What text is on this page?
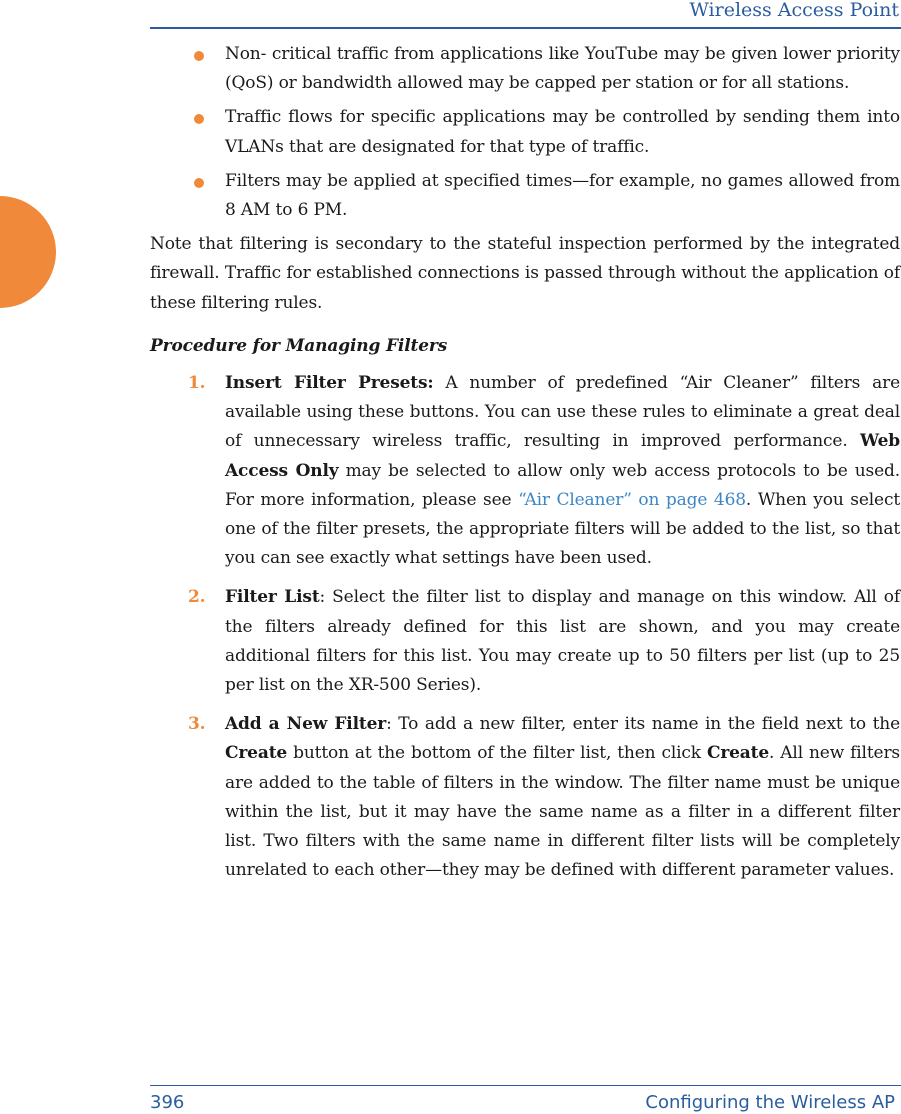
Wireless Access Point
Non- critical traffic from applications like YouTube may be given lower priority (QoS) or bandwidth allowed may be capped per station or for all stations.
Traffic flows for specific applications may be controlled by sending them into VLANs that are designated for that type of traffic.
Filters may be applied at specified times—for example, no games allowed from 8 AM to 6 PM.

Note that filtering is secondary to the stateful inspection performed by the integrated firewall. Traffic for established connections is passed through without the application of these filtering rules.

Procedure for Managing Filters

1. Insert Filter Presets: A number of predefined “Air Cleaner” filters are available using these buttons. You can use these rules to eliminate a great deal of unnecessary wireless traffic, resulting in improved performance. Web Access Only may be selected to allow only web access protocols to be used. For more information, please see “Air Cleaner” on page 468. When you select one of the filter presets, the appropriate filters will be added to the list, so that you can see exactly what settings have been used.
2. Filter List: Select the filter list to display and manage on this window. All of the filters already defined for this list are shown, and you may create additional filters for this list. You may create up to 50 filters per list (up to 25 per list on the XR-500 Series).
3. Add a New Filter: To add a new filter, enter its name in the field next to the Create button at the bottom of the filter list, then click Create. All new filters are added to the table of filters in the window. The filter name must be unique within the list, but it may have the same name as a filter in a different filter list. Two filters with the same name in different filter lists will be completely unrelated to each other—they may be defined with different parameter values.
396	Configuring the Wireless AP
